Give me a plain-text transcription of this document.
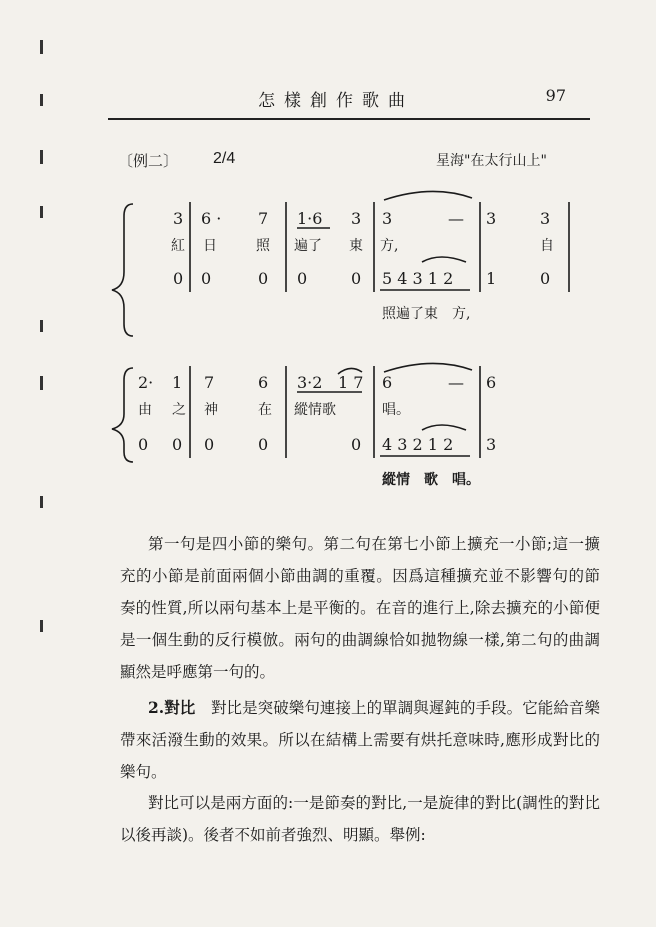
怎樣創作歌曲	97
〔例二〕 2/4	星海"在太行山上"
3 6 · 7 1·6 3 3	— 3	3
紅 日	照 遍了 東 方,	自
0 0	0 0	0 5 4 3 1 2 1	0
照遍了東　方,
2· 1 7	6 3·2 1 7 6	— 6
由 之 神	在 縱情歌	唱。
0 0 0	0	0 4 3 2 1 2 3
縱情　歌　唱。

第一句是四小節的樂句。第二句在第七小節上擴充一小節;這一擴充的小節是前面兩個小節曲調的重覆。因爲這種擴充並不影響句的節奏的性質,所以兩句基本上是平衡的。在音的進行上,除去擴充的小節便是一個生動的反行模倣。兩句的曲調線恰如拋物線一樣,第二句的曲調顯然是呼應第一句的。

2.對比　 對比是突破樂句連接上的單調與遲鈍的手段。它能給音樂帶來活潑生動的效果。所以在結構上需要有烘托意味時,應形成對比的樂句。

對比可以是兩方面的:一是節奏的對比,一是旋律的對比(調性的對比以後再談)。後者不如前者強烈、明顯。舉例:
